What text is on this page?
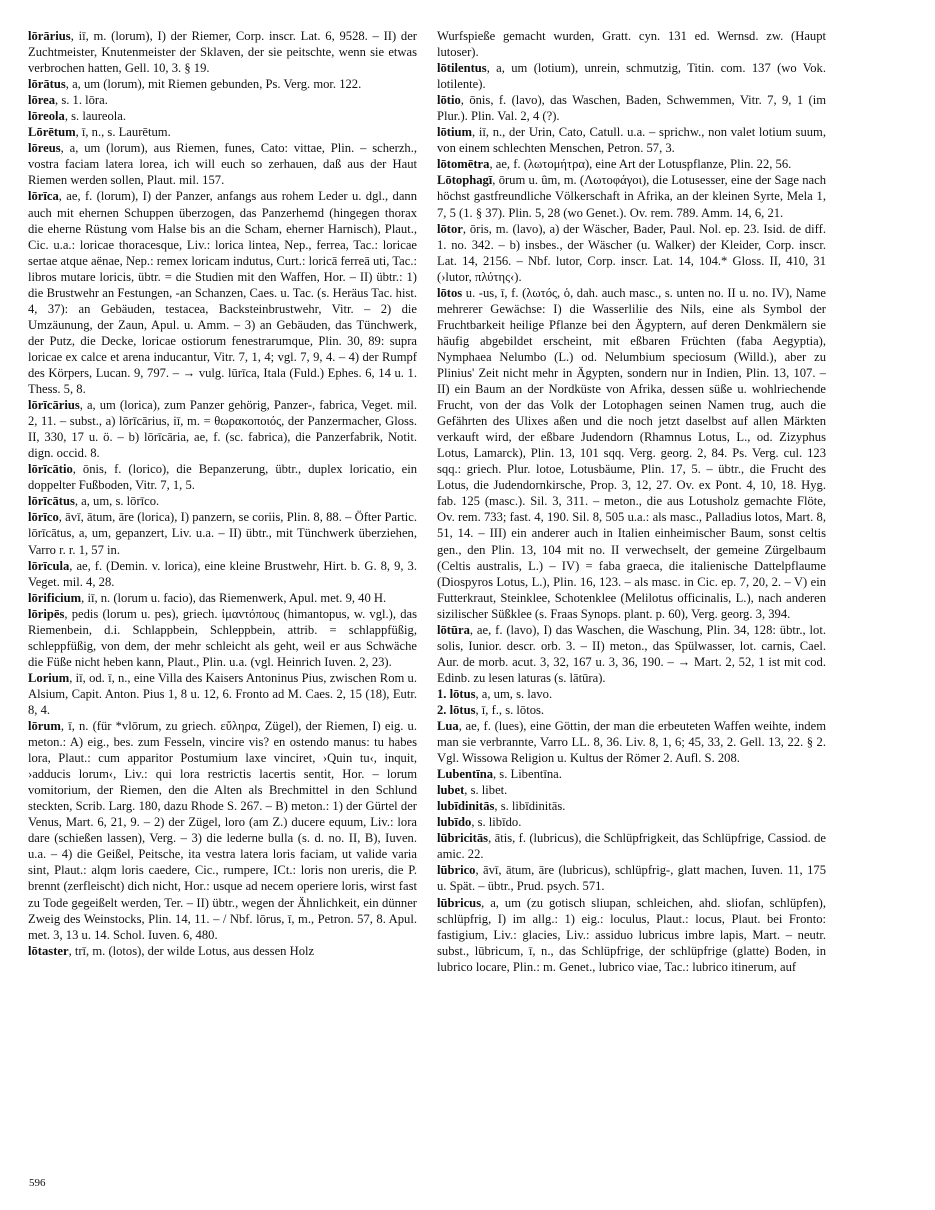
lōrārius, iī, m. (lorum), I) der Riemer, Corp. inscr. Lat. 6, 9528. – II) der Zuchtmeister, Knutenmeister der Sklaven, der sie peitschte, wenn sie etwas verbrochen hatten, Gell. 10, 3. § 19.

lōrātus, a, um (lorum), mit Riemen gebunden, Ps. Verg. mor. 122.

lōrea, s. 1. lōra.

lōreola, s. laureola.

Lōrētum, ī, n., s. Laurētum.

lōreus, a, um (lorum), aus Riemen, funes, Cato: vittae, Plin. – scherzh., vostra faciam latera lorea, ich will euch so zerhauen, daß aus der Haut Riemen werden sollen, Plaut. mil. 157.

lōrīca, ae, f. (lorum), I) der Panzer, anfangs aus rohem Leder u. dgl., dann auch mit ehernen Schuppen überzogen, das Panzerhemd (hingegen thorax die eherne Rüstung vom Halse bis an die Scham, eherner Harnisch), Plaut., Cic. u.a.: loricae thoracesque, Liv.: lorica lintea, Nep., ferrea, Tac.: loricae sertae atque aënae, Nep.: remex loricam indutus, Curt.: loricā ferreā uti, Tac.: libros mutare loricis, übtr. = die Studien mit den Waffen, Hor. – II) übtr.: 1) die Brustwehr an Festungen, -an Schanzen, Caes. u. Tac. (s. Heräus Tac. hist. 4, 37): an Gebäuden, testacea, Backsteinbrustwehr, Vitr. – 2) die Umzäunung, der Zaun, Apul. u. Amm. – 3) an Gebäuden, das Tünchwerk, der Putz, die Decke, loricae ostiorum fenestrarumque, Plin. 30, 89: supra loricae ex calce et arena inducantur, Vitr. 7, 1, 4; vgl. 7, 9, 4. – 4) der Rumpf des Körpers, Lucan. 9, 797. – → vulg. lūrīca, Itala (Fuld.) Ephes. 6, 14 u. 1. Thess. 5, 8.

lōrīcārius, a, um (lorica), zum Panzer gehörig, Panzer-, fabrica, Veget. mil. 2, 11. – subst., a) lōrīcārius, iī, m. = θωρακοποιός, der Panzermacher, Gloss. II, 330, 17 u. ö. – b) lōrīcāria, ae, f. (sc. fabrica), die Panzerfabrik, Notit. dign. occid. 8.

lōrīcātio, ōnis, f. (lorico), die Bepanzerung, übtr., duplex loricatio, ein doppelter Fußboden, Vitr. 7, 1, 5.

lōrīcātus, a, um, s. lōrīco.

lōrīco, āvī, ātum, āre (lorica), I) panzern, se coriis, Plin. 8, 88. – Öfter Partic. lōrīcātus, a, um, gepanzert, Liv. u.a. – II) übtr., mit Tünchwerk überziehen, Varro r. r. 1, 57 in.

lōrīcula, ae, f. (Demin. v. lorica), eine kleine Brustwehr, Hirt. b. G. 8, 9, 3. Veget. mil. 4, 28.

lōrificium, iī, n. (lorum u. facio), das Riemenwerk, Apul. met. 9, 40 H.

lōripēs, pedis (lorum u. pes), griech. ἱμαντόπους (himantopus, w. vgl.), das Riemenbein, d.i. Schlappbein, Schleppbein, attrib. = schlappfüßig, schleppfüßig, von dem, der mehr schleicht als geht, weil er aus Schwäche die Füße nicht heben kann, Plaut., Plin. u.a. (vgl. Heinrich Iuven. 2, 23).

Lorium, iī, od. ī, n., eine Villa des Kaisers Antoninus Pius, zwischen Rom u. Alsium, Capit. Anton. Pius 1, 8 u. 12, 6. Fronto ad M. Caes. 2, 15 (18), Eutr. 8, 4.

lōrum, ī, n. (für *vlōrum, zu griech. εὔληρα, Zügel), der Riemen, I) eig. u. meton.: A) eig., bes. zum Fesseln, vincire vis? en ostendo manus: tu habes lora, Plaut.: cum apparitor Postumium laxe vinciret, ›Quin tu‹, inquit, ›adducis lorum‹, Liv.: qui lora restrictis lacertis sentit, Hor. – lorum vomitorium, der Riemen, den die Alten als Brechmittel in den Schlund steckten, Scrib. Larg. 180, dazu Rhode S. 267. – B) meton.: 1) der Gürtel der Venus, Mart. 6, 21, 9. – 2) der Zügel, loro (am Z.) ducere equum, Liv.: lora dare (schießen lassen), Verg. – 3) die lederne bulla (s. d. no. II, B), Iuven. u.a. – 4) die Geißel, Peitsche, ita vestra latera loris faciam, ut valide varia sint, Plaut.: alqm loris caedere, Cic., rumpere, ICt.: loris non ureris, die P. brennt (zerfleischt) dich nicht, Hor.: usque ad necem operiere loris, wirst fast zu Tode gegeißelt werden, Ter. – II) übtr., wegen der Ähnlichkeit, ein dünner Zweig des Weinstocks, Plin. 14, 11. – / Nbf. lōrus, ī, m., Petron. 57, 8. Apul. met. 3, 13 u. 14. Schol. Iuven. 6, 480.

lōtaster, trī, m. (lotos), der wilde Lotus, aus dessen Holz

Wurfspieße gemacht wurden, Gratt. cyn. 131 ed. Wernsd. zw. (Haupt lutoser).

lōtilentus, a, um (lotium), unrein, schmutzig, Titin. com. 137 (wo Vok. lotilente).

lōtio, ōnis, f. (lavo), das Waschen, Baden, Schwemmen, Vitr. 7, 9, 1 (im Plur.). Plin. Val. 2, 4 (?).

lōtium, iī, n., der Urin, Cato, Catull. u.a. – sprichw., non valet lotium suum, von einem schlechten Menschen, Petron. 57, 3.

lōtomētra, ae, f. (λωτομήτρα), eine Art der Lotuspflanze, Plin. 22, 56.

Lōtophagī, ōrum u. ûm, m. (Λωτοφάγοι), die Lotusesser, eine der Sage nach höchst gastfreundliche Völkerschaft in Afrika, an der kleinen Syrte, Mela 1, 7, 5 (1. § 37). Plin. 5, 28 (wo Genet.). Ov. rem. 789. Amm. 14, 6, 21.

lōtor, ōris, m. (lavo), a) der Wäscher, Bader, Paul. Nol. ep. 23. Isid. de diff. 1. no. 342. – b) insbes., der Wäscher (u. Walker) der Kleider, Corp. inscr. Lat. 14, 2156. – Nbf. lutor, Corp. inscr. Lat. 14, 104.* Gloss. II, 410, 31 (›lutor, πλύτης‹).

lōtos u. -us, ī, f. (λωτός, ὁ, dah. auch masc., s. unten no. II u. no. IV), Name mehrerer Gewächse: I) die Wasserlilie des Nils, eine als Symbol der Fruchtbarkeit heilige Pflanze bei den Ägyptern, auf deren Denkmälern sie häufig abgebildet erscheint, mit eßbaren Früchten (faba Aegyptia), Nymphaea Nelumbo (L.) od. Nelumbium speciosum (Willd.), aber zu Plinius' Zeit nicht mehr in Ägypten, sondern nur in Indien, Plin. 13, 107. – II) ein Baum an der Nordküste von Afrika, dessen süße u. wohlriechende Frucht, von der das Volk der Lotophagen seinen Namen trug, auch die Gefährten des Ulixes aßen und die noch jetzt daselbst auf allen Märkten verkauft wird, der eßbare Judendorn (Rhamnus Lotus, L., od. Zizyphus Lotus, Lamarck), Plin. 13, 101 sqq. Verg. georg. 2, 84. Ps. Verg. cul. 123 sqq.: griech. Plur. lotoe, Lotusbäume, Plin. 17, 5. – übtr., die Frucht des Lotus, die Judendornkirsche, Prop. 3, 12, 27. Ov. ex Pont. 4, 10, 18. Hyg. fab. 125 (masc.). Sil. 3, 311. – meton., die aus Lotusholz gemachte Flöte, Ov. rem. 733; fast. 4, 190. Sil. 8, 505 u.a.: als masc., Palladius lotos, Mart. 8, 51, 14. – III) ein anderer auch in Italien einheimischer Baum, sonst celtis gen., den Plin. 13, 104 mit no. II verwechselt, der gemeine Zürgelbaum (Celtis australis, L.) – IV) = faba graeca, die italienische Dattelpflaume (Diospyros Lotus, L.), Plin. 16, 123. – als masc. in Cic. ep. 7, 20, 2. – V) ein Futterkraut, Steinklee, Schotenklee (Melilotus officinalis, L.), nach anderen sizilischer Süßklee (s. Fraas Synops. plant. p. 60), Verg. georg. 3, 394.

lōtūra, ae, f. (lavo), I) das Waschen, die Waschung, Plin. 34, 128: übtr., lot. solis, Iunior. descr. orb. 3. – II) meton., das Spülwasser, lot. carnis, Cael. Aur. de morb. acut. 3, 32, 167 u. 3, 36, 190. – → Mart. 2, 52, 1 ist mit cod. Edinb. zu lesen laturas (s. lātūra).

1. lōtus, a, um, s. lavo.

2. lōtus, ī, f., s. lōtos.

Lua, ae, f. (lues), eine Göttin, der man die erbeuteten Waffen weihte, indem man sie verbrannte, Varro LL. 8, 36. Liv. 8, 1, 6; 45, 33, 2. Gell. 13, 22. § 2. Vgl. Wissowa Religion u. Kultus der Römer 2. Aufl. S. 208.

Lubentīna, s. Libentīna.

lubet, s. libet.

lubīdinitās, s. libīdinitās.

lubīdo, s. libīdo.

lūbricitās, ātis, f. (lubricus), die Schlüpfrigkeit, das Schlüpfrige, Cassiod. de amic. 22.

lūbrico, āvī, ātum, āre (lubricus), schlüpfrig-, glatt machen, Iuven. 11, 175 u. Spät. – übtr., Prud. psych. 571.

lūbricus, a, um (zu gotisch sliupan, schleichen, ahd. sliofan, schlüpfen), schlüpfrig, I) im allg.: 1) eig.: loculus, Plaut.: locus, Plaut. bei Fronto: fastigium, Liv.: glacies, Liv.: assiduo lubricus imbre lapis, Mart. – neutr. subst., lūbricum, ī, n., das Schlüpfrige, der schlüpfrige (glatte) Boden, in lubrico locare, Plin.: m. Genet., lubrico viae, Tac.: lubrico itinerum, auf

596
